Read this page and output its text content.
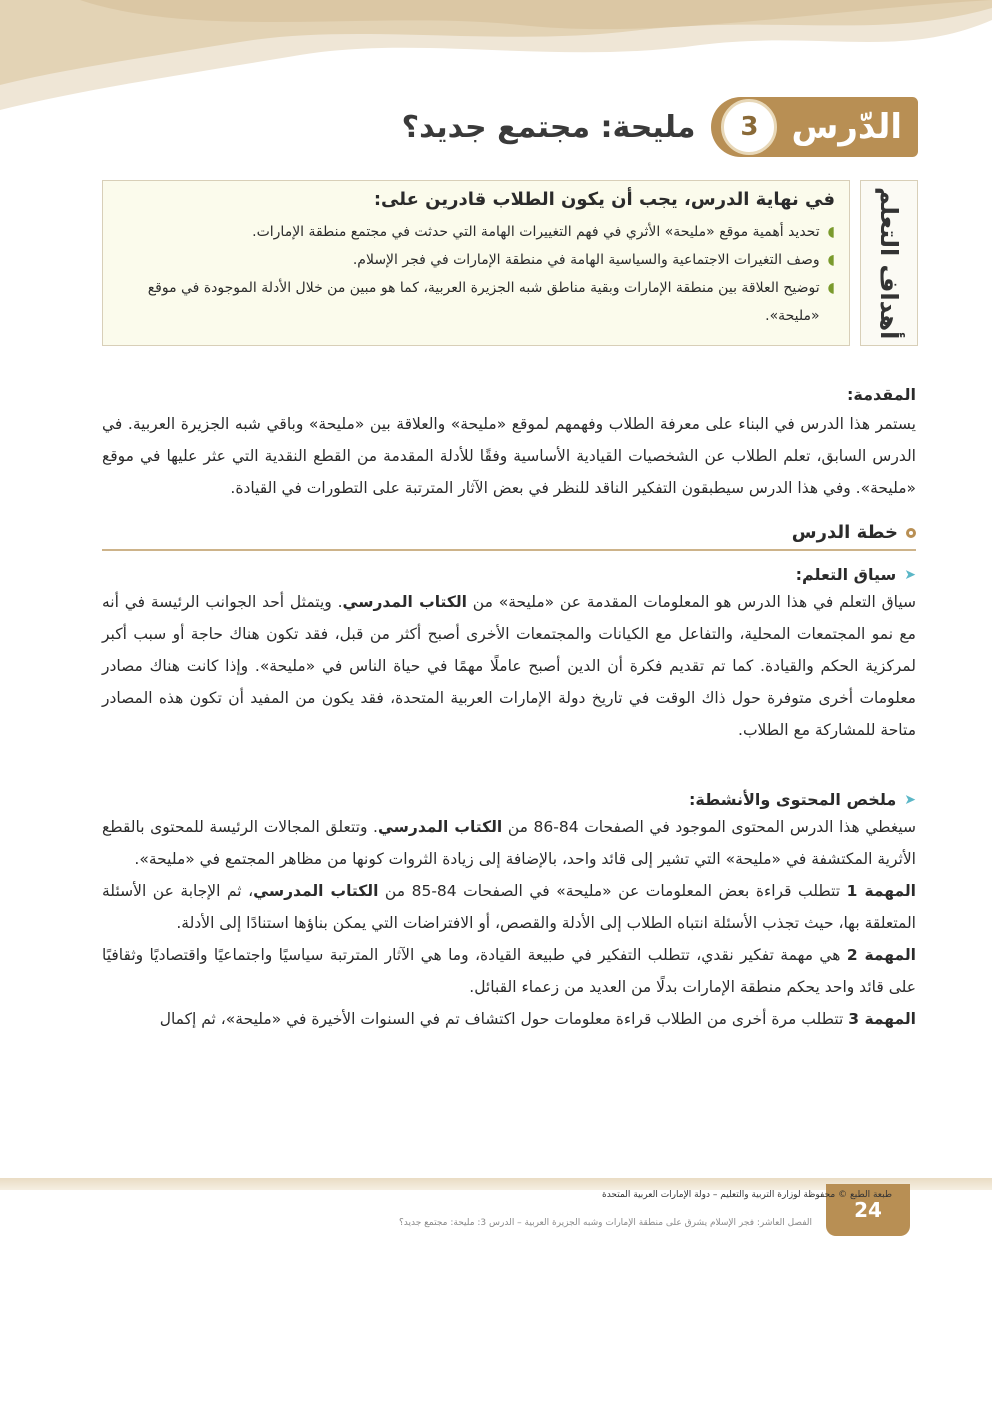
الدّرس
3
مليحة: مجتمع جديد؟
أهداف التعلم
في نهاية الدرس، يجب أن يكون الطلاب قادرين على:
◖
تحديد أهمية موقع «مليحة» الأثري في فهم التغييرات الهامة التي حدثت في مجتمع منطقة الإمارات.
◖
وصف التغيرات الاجتماعية والسياسية الهامة في منطقة الإمارات في فجر الإسلام.
◖
توضيح العلاقة بين منطقة الإمارات وبقية مناطق شبه الجزيرة العربية، كما هو مبين من خلال الأدلة الموجودة في موقع «مليحة».
المقدمة:

يستمر هذا الدرس في البناء على معرفة الطلاب وفهمهم لموقع «مليحة» والعلاقة بين «مليحة» وباقي شبه الجزيرة العربية. في الدرس السابق، تعلم الطلاب عن الشخصيات القيادية الأساسية وفقًا للأدلة المقدمة من القطع النقدية التي عثر عليها في موقع «مليحة». وفي هذا الدرس سيطبقون التفكير الناقد للنظر في بعض الآثار المترتبة على التطورات في القيادة.

خطة الدرس
➤
سياق التعلم:

سياق التعلم في هذا الدرس هو المعلومات المقدمة عن «مليحة» من الكتاب المدرسي. ويتمثل أحد الجوانب الرئيسة في أنه مع نمو المجتمعات المحلية، والتفاعل مع الكيانات والمجتمعات الأخرى أصبح أكثر من قبل، فقد تكون هناك حاجة أو سبب أكبر لمركزية الحكم والقيادة. كما تم تقديم فكرة أن الدين أصبح عاملًا مهمًا في حياة الناس في «مليحة». وإذا كانت هناك مصادر معلومات أخرى متوفرة حول ذاك الوقت في تاريخ دولة الإمارات العربية المتحدة، فقد يكون من المفيد أن تكون هذه المصادر متاحة للمشاركة مع الطلاب.

➤
ملخص المحتوى والأنشطة:

سيغطي هذا الدرس المحتوى الموجود في الصفحات 84-86 من الكتاب المدرسي. وتتعلق المجالات الرئيسة للمحتوى بالقطع الأثرية المكتشفة في «مليحة» التي تشير إلى قائد واحد، بالإضافة إلى زيادة الثروات كونها من مظاهر المجتمع في «مليحة».

المهمة 1 تتطلب قراءة بعض المعلومات عن «مليحة» في الصفحات 84-85 من الكتاب المدرسي، ثم الإجابة عن الأسئلة المتعلقة بها، حيث تجذب الأسئلة انتباه الطلاب إلى الأدلة والقصص، أو الافتراضات التي يمكن بناؤها استنادًا إلى الأدلة.

المهمة 2 هي مهمة تفكير نقدي، تتطلب التفكير في طبيعة القيادة، وما هي الآثار المترتبة سياسيًا واجتماعيًا واقتصاديًا وثقافيًا على قائد واحد يحكم منطقة الإمارات بدلًا من العديد من زعماء القبائل.

المهمة 3 تتطلب مرة أخرى من الطلاب قراءة معلومات حول اكتشاف تم في السنوات الأخيرة في «مليحة»، ثم إكمال

24
طبعة الطبع © محفوظة لوزارة التربية والتعليم – دولة الإمارات العربية المتحدة
الفصل العاشر: فجر الإسلام يشرق على منطقة الإمارات وشبه الجزيرة العربية – الدرس 3: مليحة: مجتمع جديد؟
